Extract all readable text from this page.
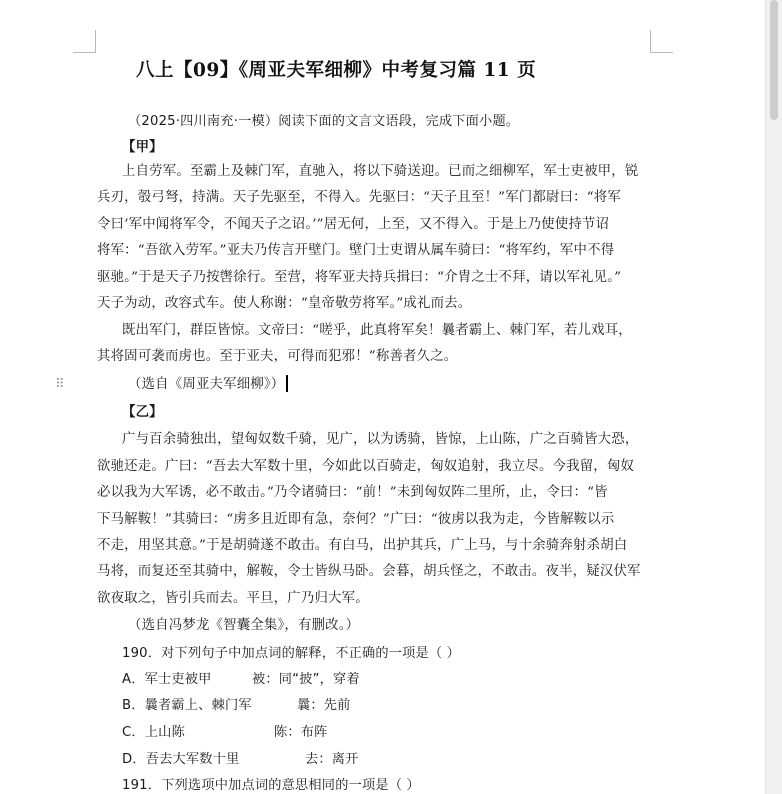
八上【09】《周亚夫军细柳》中考复习篇 11 页
（2025·四川南充·一模）阅读下面的文言文语段，完成下面小题。
【甲】
上自劳军。至霸上及棘门军，直驰入，将以下骑送迎。已而之细柳军，军士吏被甲，锐
兵刃，彀弓弩，持满。天子先驱至，不得入。先驱曰：“天子且至！”军门都尉曰：“将军
令曰‘军中闻将军令，不闻天子之诏。’”居无何，上至，又不得入。于是上乃使使持节诏
将军：“吾欲入劳军。”亚夫乃传言开壁门。壁门士吏谓从属车骑曰：“将军约，军中不得
驱驰。”于是天子乃按辔徐行。至营，将军亚夫持兵揖曰：“介胄之士不拜，请以军礼见。”
天子为动，改容式车。使人称谢：“皇帝敬劳将军。”成礼而去。
既出军门，群臣皆惊。文帝曰：“嗟乎，此真将军矣！曩者霸上、棘门军，若儿戏耳，
其将固可袭而虏也。至于亚夫，可得而犯邪！”称善者久之。
⠿	（选自《周亚夫军细柳》）
【乙】
广与百余骑独出，望匈奴数千骑，见广，以为诱骑，皆惊，上山陈，广之百骑皆大恐，
欲驰还走。广曰：“吾去大军数十里，今如此以百骑走，匈奴追射，我立尽。今我留，匈奴
必以我为大军诱，必不敢击。”乃令诸骑曰：“前！”未到匈奴阵二里所，止，令曰：“皆
下马解鞍！”其骑曰：“虏多且近即有急，奈何？”广曰：“彼虏以我为走，今皆解鞍以示
不走，用坚其意。”于是胡骑遂不敢击。有白马，出护其兵，广上马，与十余骑奔射杀胡白
马将，而复还至其骑中，解鞍，令士皆纵马卧。会暮，胡兵怪之，不敢击。夜半，疑汉伏军
欲夜取之，皆引兵而去。平旦，广乃归大军。
（选自冯梦龙《智囊全集》，有删改。）
190．对下列句子中加点词的解释，不正确的一项是（ ）
A．军士吏被甲	被：同“披”，穿着
B．曩者霸上、棘门军	曩：先前
C．上山陈	陈：布阵
D．吾去大军数十里	去：离开
191．下列选项中加点词的意思相同的一项是（ ）
